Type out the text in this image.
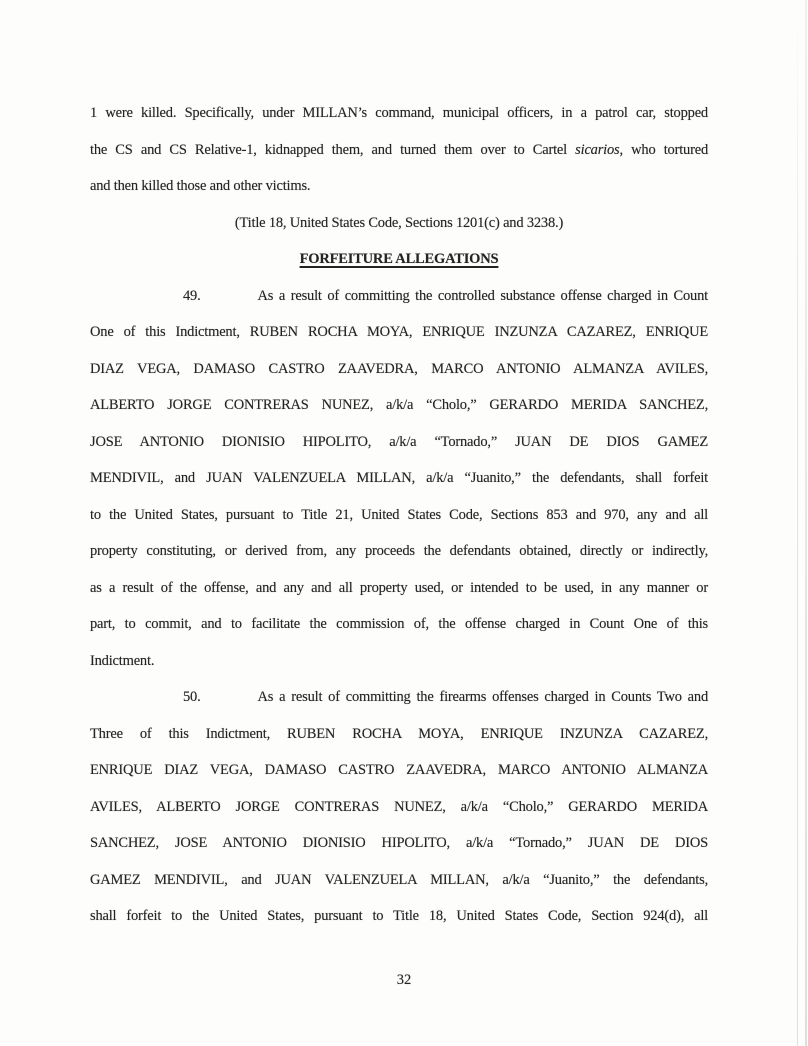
1 were killed. Specifically, under MILLAN’s command, municipal officers, in a patrol car, stopped
the CS and CS Relative-1, kidnapped them, and turned them over to Cartel sicarios, who tortured
and then killed those and other victims.
(Title 18, United States Code, Sections 1201(c) and 3238.)
FORFEITURE ALLEGATIONS
49.	As a result of committing the controlled substance offense charged in Count
One of this Indictment, RUBEN ROCHA MOYA, ENRIQUE INZUNZA CAZAREZ, ENRIQUE
DIAZ VEGA, DAMASO CASTRO ZAAVEDRA, MARCO ANTONIO ALMANZA AVILES,
ALBERTO JORGE CONTRERAS NUNEZ, a/k/a “Cholo,” GERARDO MERIDA SANCHEZ,
JOSE ANTONIO DIONISIO HIPOLITO, a/k/a “Tornado,” JUAN DE DIOS GAMEZ
MENDIVIL, and JUAN VALENZUELA MILLAN, a/k/a “Juanito,” the defendants, shall forfeit
to the United States, pursuant to Title 21, United States Code, Sections 853 and 970, any and all
property constituting, or derived from, any proceeds the defendants obtained, directly or indirectly,
as a result of the offense, and any and all property used, or intended to be used, in any manner or
part, to commit, and to facilitate the commission of, the offense charged in Count One of this
Indictment.
50.	As a result of committing the firearms offenses charged in Counts Two and
Three of this Indictment, RUBEN ROCHA MOYA, ENRIQUE INZUNZA CAZAREZ,
ENRIQUE DIAZ VEGA, DAMASO CASTRO ZAAVEDRA, MARCO ANTONIO ALMANZA
AVILES, ALBERTO JORGE CONTRERAS NUNEZ, a/k/a “Cholo,” GERARDO MERIDA
SANCHEZ, JOSE ANTONIO DIONISIO HIPOLITO, a/k/a “Tornado,” JUAN DE DIOS
GAMEZ MENDIVIL, and JUAN VALENZUELA MILLAN, a/k/a “Juanito,” the defendants,
shall forfeit to the United States, pursuant to Title 18, United States Code, Section 924(d), all
32
